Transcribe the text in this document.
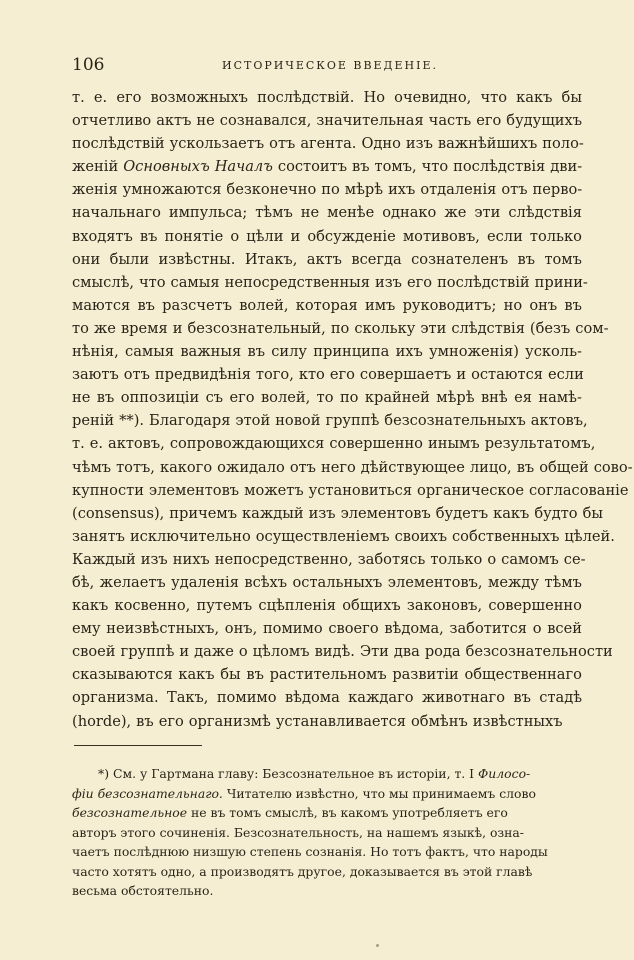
106	ИСТОРИЧЕСКОЕ ВВЕДЕНІЕ.
т. е. его возможныхъ послѣдствій. Но очевидно, что какъ бы
отчетливо актъ не сознавался, значительная часть его будущихъ
послѣдствій ускользаетъ отъ агента. Одно изъ важнѣйшихъ поло-
женій Основныхъ Началъ состоитъ въ томъ, что послѣдствія дви-
женія умножаются безконечно по мѣрѣ ихъ отдаленія отъ перво-
начальнаго импульса; тѣмъ не менѣе однако же эти слѣдствія
входятъ въ понятіе о цѣли и обсужденіе мотивовъ, если только
они были извѣстны. Итакъ, актъ всегда сознателенъ въ томъ
смыслѣ, что самыя непосредственныя изъ его послѣдствій прини-
маются въ разсчетъ волей, которая имъ руководитъ; но онъ въ
то же время и безсознательный, по скольку эти слѣдствія (безъ сом-
нѣнія, самыя важныя въ силу принципа ихъ умноженія) усколь-
заютъ отъ предвидѣнія того, кто его совершаетъ и остаются если
не въ оппозиціи съ его волей, то по крайней мѣрѣ внѣ ея намѣ-
реній **). Благодаря этой новой группѣ безсознательныхъ актовъ,
т. е. актовъ, сопровождающихся совершенно инымъ результатомъ,
чѣмъ тотъ, какого ожидало отъ него дѣйствующее лицо, въ общей сово-
купности элементовъ можетъ установиться органическое согласованіе
(consensus), причемъ каждый изъ элементовъ будетъ какъ будто бы
занятъ исключительно осуществленіемъ своихъ собственныхъ цѣлей.
Каждый изъ нихъ непосредственно, заботясь только о самомъ се-
бѣ, желаетъ удаленія всѣхъ остальныхъ элементовъ, между тѣмъ
какъ косвенно, путемъ сцѣпленія общихъ законовъ, совершенно
ему неизвѣстныхъ, онъ, помимо своего вѣдома, заботится о всей
своей группѣ и даже о цѣломъ видѣ. Эти два рода безсознательности
сказываются какъ бы въ растительномъ развитіи общественнаго
организма. Такъ, помимо вѣдома каждаго животнаго въ стадѣ
(horde), въ его организмѣ устанавливается обмѣнъ извѣстныхъ
*) См. у Гартмана главу: Безсознательное въ исторіи, т. I Филосо-
фіи безсознательнаго. Читателю извѣстно, что мы принимаемъ слово
безсознательное не въ томъ смыслѣ, въ какомъ употребляетъ его
авторъ этого сочиненія. Безсознательность, на нашемъ языкѣ, озна-
чаетъ послѣднюю низшую степень сознанія. Но тотъ фактъ, что народы
часто хотятъ одно, а производятъ другое, доказывается въ этой главѣ
весьма обстоятельно.
